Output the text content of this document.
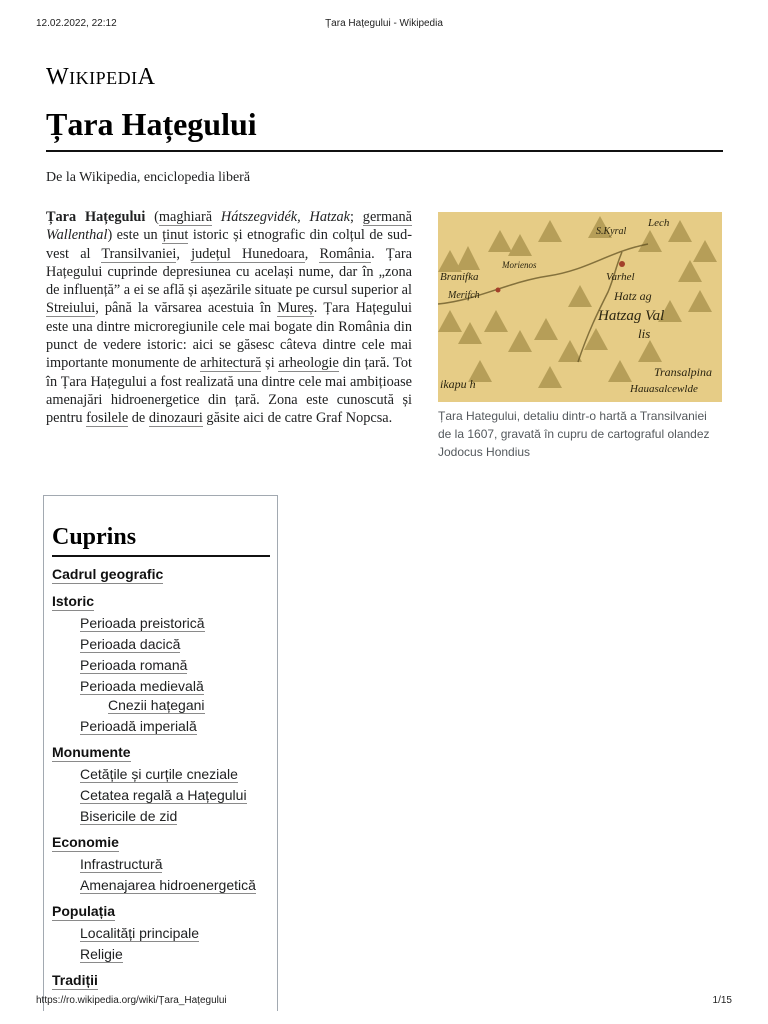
12.02.2022, 22:12	Țara Hațegului - Wikipedia
WIKIPEDIA
Țara Hațegului
De la Wikipedia, enciclopedia liberă

Țara Hațegului (maghiară Hátszegvidék, Hatzak; germană Wallenthal) este un ținut istoric și etnografic din colțul de sud-vest al Transilvaniei, județul Hunedoara, România. Țara Hațegului cuprinde depresiunea cu același nume, dar în „zona de influență” a ei se află și așezările situate pe cursul superior al Streiului, până la vărsarea acestuia în Mureș. Țara Hațegului este una dintre microregiunile cele mai bogate din România din punct de vedere istoric: aici se găsesc câteva dintre cele mai importante monumente de arhitectură și arheologie din țară. Tot în Țara Hațegului a fost realizată una dintre cele mai ambițioase amenajări hidroenergetice din țară. Zona este cunoscută și pentru fosilele de dinozauri găsite aici de catre Graf Nopcsa.

Lech
S.Kyral
Branifka
Merifch
Varhel
Hatz ag
Hatzag Val
lis
Transalpina
Hauasalcewlde
ikapu h
Morienos
Țara Hategului, detaliu dintr-o hartă a Transilvaniei de la 1607, gravată în cupru de cartograful olandez Jodocus Hondius
Cuprins
Cadrul geografic
Istoric
Perioada preistorică
Perioada dacică
Perioada romană
Perioada medievală
Cnezii hațegani
Perioadă imperială
Monumente
Cetățile și curțile cneziale
Cetatea regală a Hațegului
Bisericile de zid
Economie
Infrastructură
Amenajarea hidroenergetică
Populația
Localități principale
Religie
Tradiții
https://ro.wikipedia.org/wiki/Țara_Hațegului	1/15
